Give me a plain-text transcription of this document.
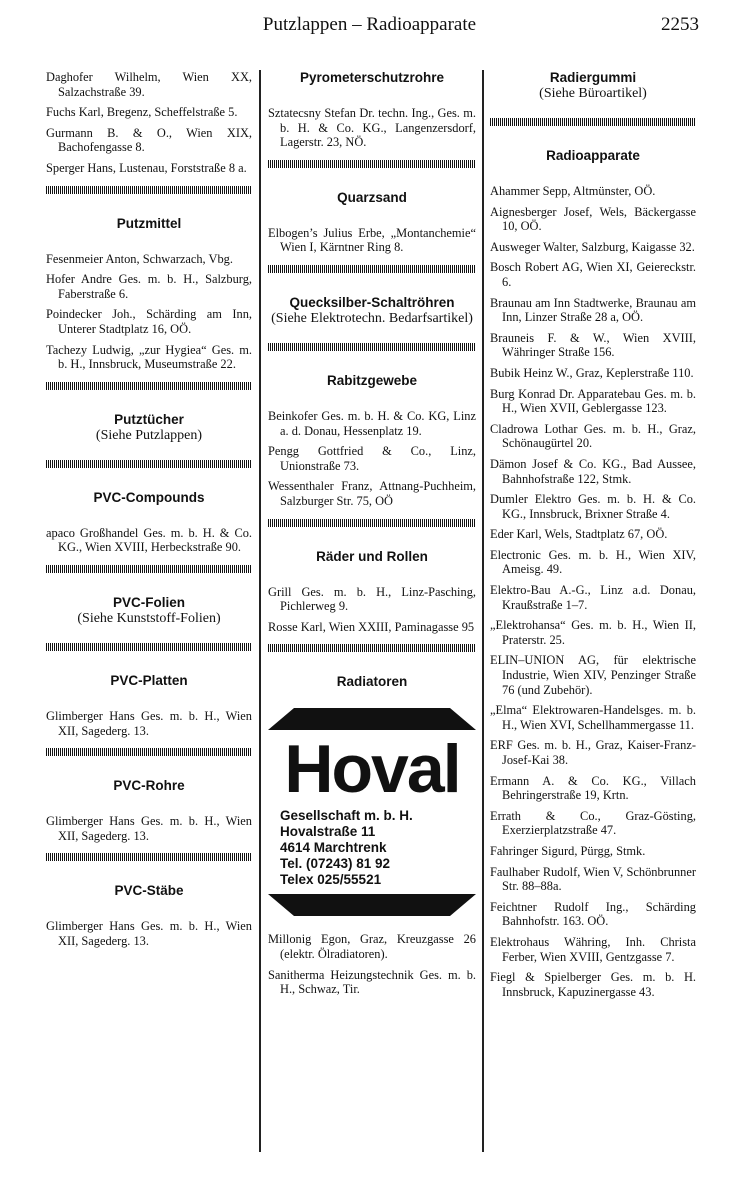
Putzlappen – Radioapparate	2253
Daghofer Wilhelm, Wien XX, Salzachstraße 39.
Fuchs Karl, Bregenz, Scheffelstraße 5.
Gurmann B. & O., Wien XIX, Bachofengasse 8.
Sperger Hans, Lustenau, Forststraße 8 a.
Putzmittel
Fesenmeier Anton, Schwarzach, Vbg.
Hofer Andre Ges. m. b. H., Salzburg, Faberstraße 6.
Poindecker Joh., Schärding am Inn, Unterer Stadtplatz 16, OÖ.
Tachezy Ludwig, „zur Hygiea“ Ges. m. b. H., Innsbruck, Museumstraße 22.
Putztücher
(Siehe Putzlappen)
PVC-Compounds
apaco Großhandel Ges. m. b. H. & Co. KG., Wien XVIII, Herbeckstraße 90.
PVC-Folien
(Siehe Kunststoff-Folien)
PVC-Platten
Glimberger Hans Ges. m. b. H., Wien XII, Sagederg. 13.
PVC-Rohre
Glimberger Hans Ges. m. b. H., Wien XII, Sagederg. 13.
PVC-Stäbe
Glimberger Hans Ges. m. b. H., Wien XII, Sagederg. 13.
Pyrometerschutzrohre
Sztatecsny Stefan Dr. techn. Ing., Ges. m. b. H. & Co. KG., Langenzersdorf, Lagerstr. 23, NÖ.
Quarzsand
Elbogen’s Julius Erbe, „Montanchemie“ Wien I, Kärntner Ring 8.
Quecksilber-Schaltröhren
(Siehe Elektrotechn. Bedarfsartikel)
Rabitzgewebe
Beinkofer Ges. m. b. H. & Co. KG, Linz a. d. Donau, Hessenplatz 19.
Pengg Gottfried & Co., Linz, Unionstraße 73.
Wessenthaler Franz, Attnang-Puchheim, Salzburger Str. 75, OÖ
Räder und Rollen
Grill Ges. m. b. H., Linz-Pasching, Pichlerweg 9.
Rosse Karl, Wien XXIII, Paminagasse 95
Radiatoren
Hoval
Gesellschaft m. b. H.
Hovalstraße 11
4614 Marchtrenk
Tel. (07243) 81 92
Telex 025/55521
Millonig Egon, Graz, Kreuzgasse 26 (elektr. Ölradiatoren).
Sanitherma Heizungstechnik Ges. m. b. H., Schwaz, Tir.
Radiergummi
(Siehe Büroartikel)
Radioapparate
Ahammer Sepp, Altmünster, OÖ.
Aignesberger Josef, Wels, Bäckergasse 10, OÖ.
Ausweger Walter, Salzburg, Kaigasse 32.
Bosch Robert AG, Wien XI, Geiereckstr. 6.
Braunau am Inn Stadtwerke, Braunau am Inn, Linzer Straße 28 a, OÖ.
Brauneis F. & W., Wien XVIII, Währinger Straße 156.
Bubik Heinz W., Graz, Keplerstraße 110.
Burg Konrad Dr. Apparatebau Ges. m. b. H., Wien XVII, Geblergasse 123.
Cladrowa Lothar Ges. m. b. H., Graz, Schönaugürtel 20.
Dämon Josef & Co. KG., Bad Aussee, Bahnhofstraße 122, Stmk.
Dumler Elektro Ges. m. b. H. & Co. KG., Innsbruck, Brixner Straße 4.
Eder Karl, Wels, Stadtplatz 67, OÖ.
Electronic Ges. m. b. H., Wien XIV, Ameisg. 49.
Elektro-Bau A.-G., Linz a.d. Donau, Kraußstraße 1–7.
„Elektrohansa“ Ges. m. b. H., Wien II, Praterstr. 25.
ELIN–UNION AG, für elektrische Industrie, Wien XIV, Penzinger Straße 76 (und Zubehör).
„Elma“ Elektrowaren-Handelsges. m. b. H., Wien XVI, Schellhammergasse 11.
ERF Ges. m. b. H., Graz, Kaiser-Franz-Josef-Kai 38.
Ermann A. & Co. KG., Villach Behringerstraße 19, Krtn.
Errath & Co., Graz-Gösting, Exerzierplatzstraße 47.
Fahringer Sigurd, Pürgg, Stmk.
Faulhaber Rudolf, Wien V, Schönbrunner Str. 88–88a.
Feichtner Rudolf Ing., Schärding Bahnhofstr. 163. OÖ.
Elektrohaus Währing, Inh. Christa Ferber, Wien XVIII, Gentzgasse 7.
Fiegl & Spielberger Ges. m. b. H. Innsbruck, Kapuzinergasse 43.
